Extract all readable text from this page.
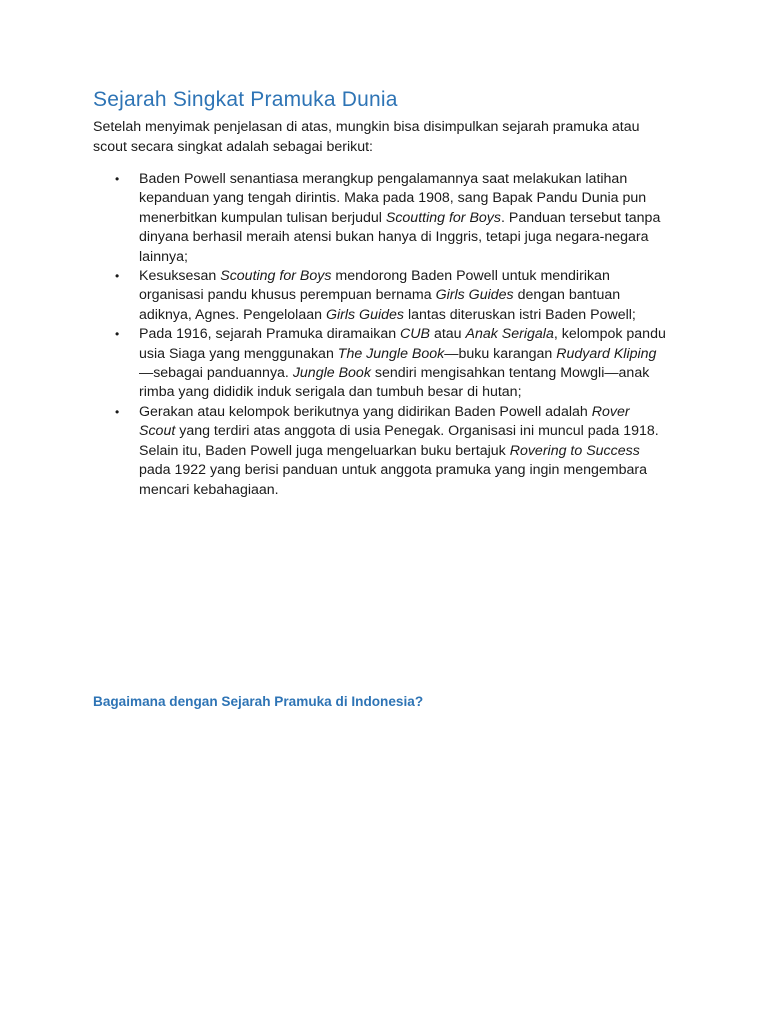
Sejarah Singkat Pramuka Dunia

Setelah menyimak penjelasan di atas, mungkin bisa disimpulkan sejarah pramuka atau scout secara singkat adalah sebagai berikut:

• Baden Powell senantiasa merangkup pengalamannya saat melakukan latihan kepanduan yang tengah dirintis. Maka pada 1908, sang Bapak Pandu Dunia pun menerbitkan kumpulan tulisan berjudul Scoutting for Boys. Panduan tersebut tanpa dinyana berhasil meraih atensi bukan hanya di Inggris, tetapi juga negara-negara lainnya;
• Kesuksesan Scouting for Boys mendorong Baden Powell untuk mendirikan organisasi pandu khusus perempuan bernama Girls Guides dengan bantuan adiknya, Agnes. Pengelolaan Girls Guides lantas diteruskan istri Baden Powell;
• Pada 1916, sejarah Pramuka diramaikan CUB atau Anak Serigala, kelompok pandu usia Siaga yang menggunakan The Jungle Book—buku karangan Rudyard Kliping—sebagai panduannya. Jungle Book sendiri mengisahkan tentang Mowgli—anak rimba yang dididik induk serigala dan tumbuh besar di hutan;
• Gerakan atau kelompok berikutnya yang didirikan Baden Powell adalah Rover Scout yang terdiri atas anggota di usia Penegak. Organisasi ini muncul pada 1918. Selain itu, Baden Powell juga mengeluarkan buku bertajuk Rovering to Success pada 1922 yang berisi panduan untuk anggota pramuka yang ingin mengembara mencari kebahagiaan.
Bagaimana dengan Sejarah Pramuka di Indonesia?
